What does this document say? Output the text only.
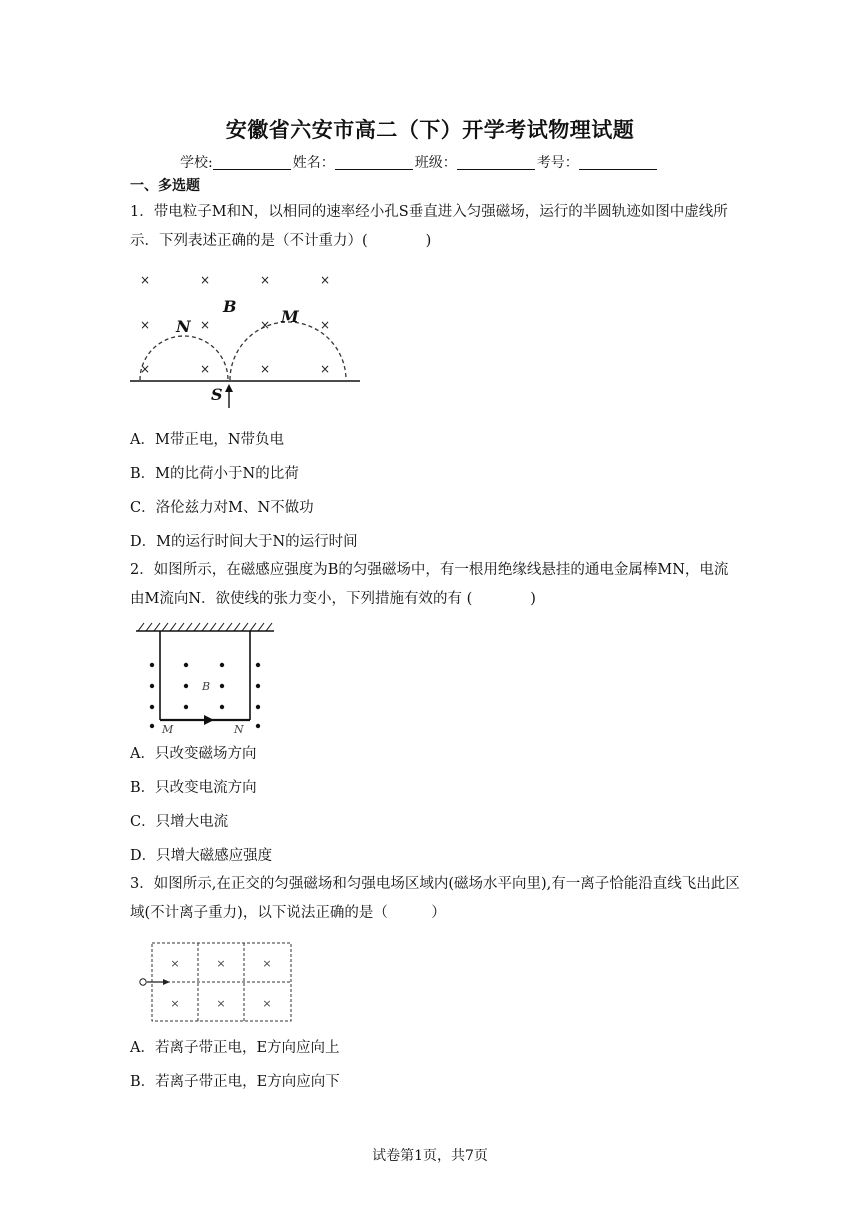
安徽省六安市高二（下）开学考试物理试题
学校:	姓名：	班级：	考号：
一、多选题
1．带电粒子M和N，以相同的速率经小孔S垂直进入匀强磁场，运行的半圆轨迹如图中虚线所示．下列表述正确的是（不计重力）(　　　　)
×	×	×	×
×	×	×	×
×	×	×	×
B
N
M
S
A．M带正电，N带负电
B．M的比荷小于N的比荷
C．洛伦兹力对M、N不做功
D．M的运行时间大于N的运行时间
2．如图所示，在磁感应强度为B的匀强磁场中，有一根用绝缘线悬挂的通电金属棒MN，电流由M流向N．欲使线的张力变小，下列措施有效的有 (　　　　)
B
M	N
A．只改变磁场方向
B．只改变电流方向
C．只增大电流
D．只增大磁感应强度
3．如图所示,在正交的匀强磁场和匀强电场区域内(磁场水平向里),有一离子恰能沿直线飞出此区域(不计离子重力)，以下说法正确的是（　　　）
×	×	×
×	×	×
A．若离子带正电，E方向应向上
B．若离子带正电，E方向应向下
试卷第1页，共7页
